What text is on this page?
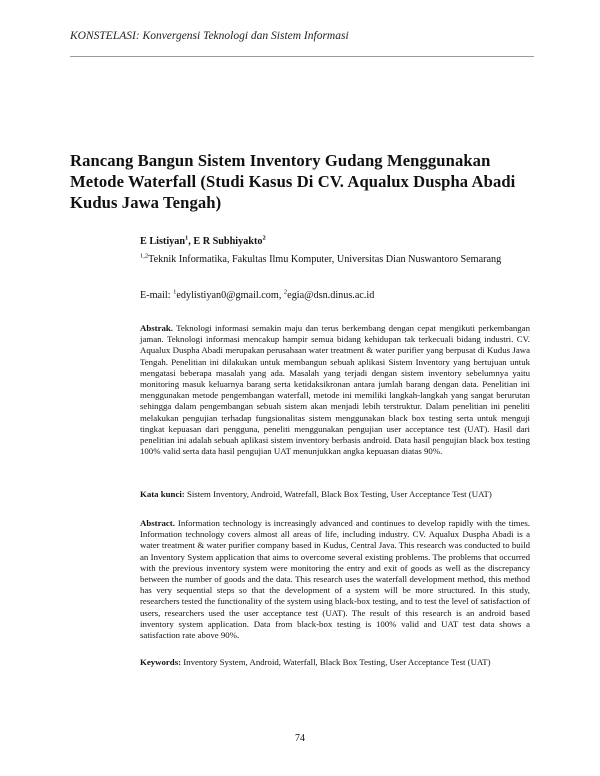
KONSTELASI: Konvergensi Teknologi dan Sistem Informasi
Rancang Bangun Sistem Inventory Gudang Menggunakan Metode Waterfall (Studi Kasus Di CV. Aqualux Duspha Abadi Kudus Jawa Tengah)
E Listiyan$^1$, E R Subhiyakto$^2$
$^{1,2}$Teknik Informatika, Fakultas Ilmu Komputer, Universitas Dian Nuswantoro Semarang
E-mail: $^1$edylistiyan0@gmail.com, $^2$egia@dsn.dinus.ac.id

Abstrak. Teknologi informasi semakin maju dan terus berkembang dengan cepat mengikuti perkembangan jaman. Teknologi informasi mencakup hampir semua bidang kehidupan tak terkecuali bidang industri. CV. Aqualux Duspha Abadi merupakan perusahaan water treatment & water purifier yang berpusat di Kudus Jawa Tengah. Penelitian ini dilakukan untuk membangun sebuah aplikasi Sistem Inventory yang bertujuan untuk mengatasi beberapa masalah yang ada. Masalah yang terjadi dengan sistem inventory sebelumnya yaitu monitoring masuk keluarnya barang serta ketidaksikronan antara jumlah barang dengan data. Penelitian ini menggunakan metode pengembangan waterfall, metode ini memiliki langkah-langkah yang sangat berurutan sehingga dalam pengembangan sebuah sistem akan menjadi lebih terstruktur. Dalam penelitian ini peneliti melakukan pengujian terhadap fungsionalitas sistem menggunakan black box testing serta untuk menguji tingkat kepuasan dari pengguna, peneliti menggunakan pengujian user acceptance test (UAT). Hasil dari penelitian ini adalah sebuah aplikasi sistem inventory berbasis android. Data hasil pengujian black box testing 100% valid serta data hasil pengujian UAT menunjukkan angka kepuasan diatas 90%.

Kata kunci: Sistem Inventory, Android, Watrefall, Black Box Testing, User Acceptance Test (UAT)

Abstract. Information technology is increasingly advanced and continues to develop rapidly with the times. Information technology covers almost all areas of life, including industry. CV. Aqualux Duspha Abadi is a water treatment & water purifier company based in Kudus, Central Java. This research was conducted to build an Inventory System application that aims to overcome several existing problems. The problems that occurred with the previous inventory system were monitoring the entry and exit of goods as well as the discrepancy between the number of goods and the data. This research uses the waterfall development method, this method has very sequential steps so that the development of a system will be more structured. In this study, researchers tested the functionality of the system using black-box testing, and to test the level of satisfaction of users, researchers used the user acceptance test (UAT). The result of this research is an android based inventory system application. Data from black-box testing is 100% valid and UAT test data shows a satisfaction rate above 90%.

Keywords: Inventory System, Android, Waterfall, Black Box Testing, User Acceptance Test (UAT)

74
